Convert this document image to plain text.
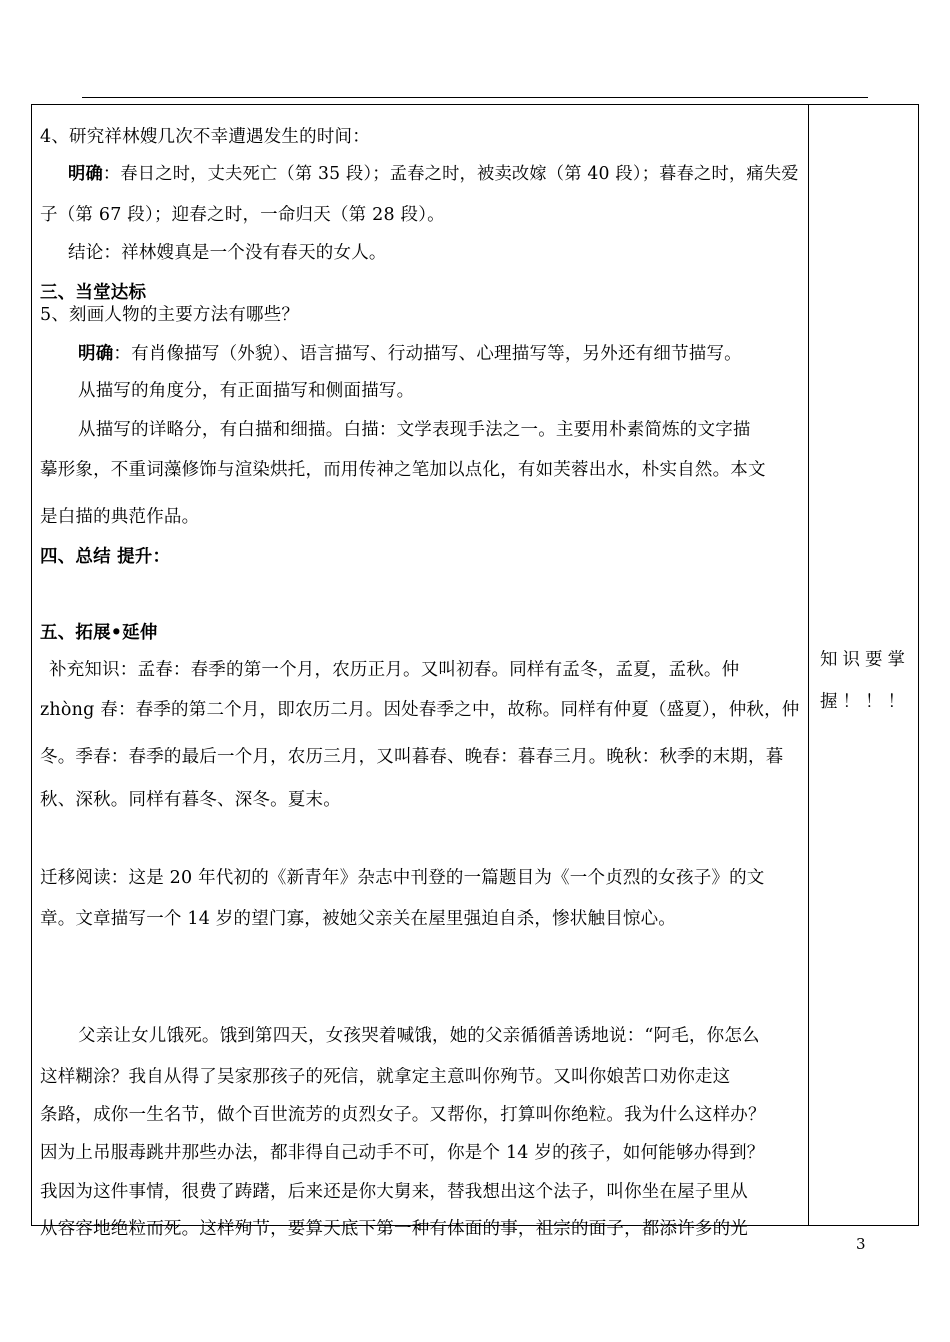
4、研究祥林嫂几次不幸遭遇发生的时间：
明确：春日之时，丈夫死亡（第 35 段）；孟春之时，被卖改嫁（第 40 段）；暮春之时，痛失爱
子（第 67 段）；迎春之时，一命归天（第 28 段）。
结论：祥林嫂真是一个没有春天的女人。
三、当堂达标
5、刻画人物的主要方法有哪些？
明确：有肖像描写（外貌）、语言描写、行动描写、心理描写等，另外还有细节描写。
从描写的角度分，有正面描写和侧面描写。
从描写的详略分，有白描和细描。白描：文学表现手法之一。主要用朴素简炼的文字描
摹形象，不重词藻修饰与渲染烘托，而用传神之笔加以点化，有如芙蓉出水，朴实自然。本文
是白描的典范作品。
四、总结 提升：
五、拓展•延伸
补充知识：孟春：春季的第一个月，农历正月。又叫初春。同样有孟冬，孟夏，孟秋。仲
zhòng 春：春季的第二个月，即农历二月。因处春季之中，故称。同样有仲夏（盛夏），仲秋，仲
冬。季春：春季的最后一个月，农历三月，又叫暮春、晚春：暮春三月。晚秋：秋季的末期，暮
秋、深秋。同样有暮冬、深冬。夏末。
迁移阅读：这是 20 年代初的《新青年》杂志中刊登的一篇题目为《一个贞烈的女孩子》的文
章。文章描写一个 14 岁的望门寡，被她父亲关在屋里强迫自杀，惨状触目惊心。
父亲让女儿饿死。饿到第四天，女孩哭着喊饿，她的父亲循循善诱地说：“阿毛，你怎么
这样糊涂？我自从得了吴家那孩子的死信，就拿定主意叫你殉节。又叫你娘苦口劝你走这
条路，成你一生名节，做个百世流芳的贞烈女子。又帮你，打算叫你绝粒。我为什么这样办？
因为上吊服毒跳井那些办法，都非得自己动手不可，你是个 14 岁的孩子，如何能够办得到？
我因为这件事情，很费了踌躇，后来还是你大舅来，替我想出这个法子，叫你坐在屋子里从
从容容地绝粒而死。这样殉节，要算天底下第一种有体面的事，祖宗的面子，都添许多的光
知识要掌
握！！！
3
